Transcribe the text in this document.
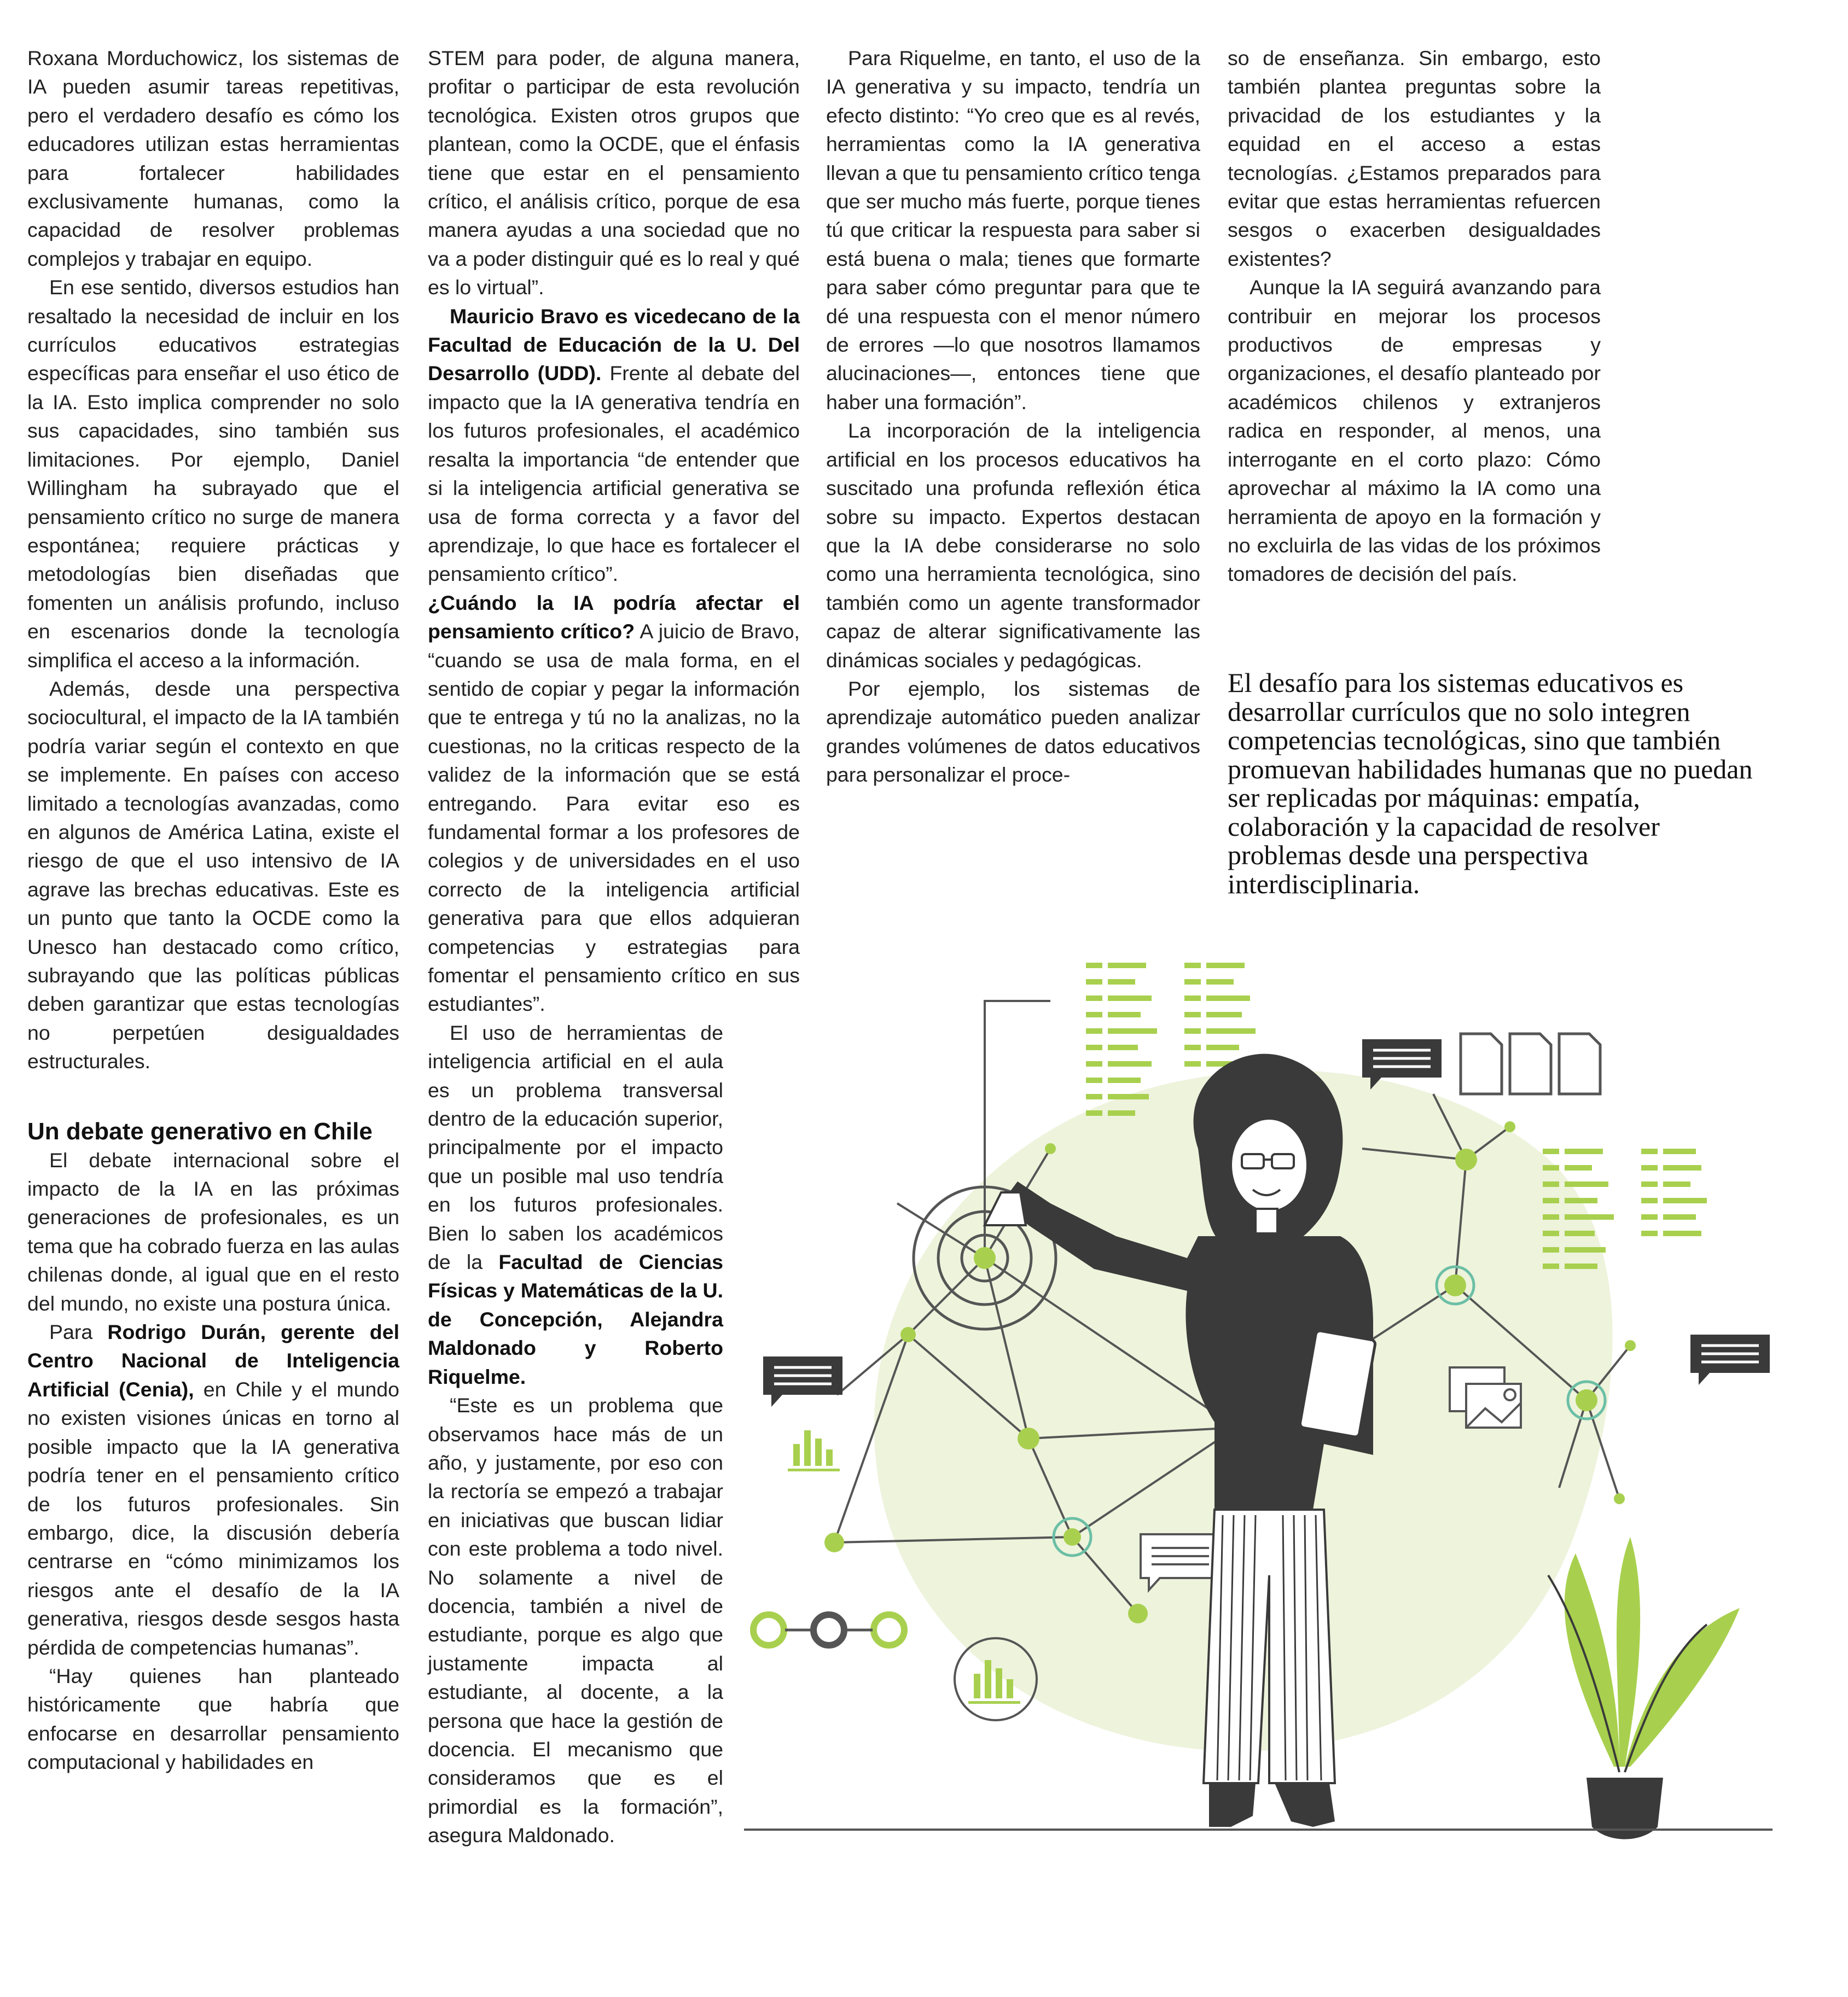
Roxana Morduchowicz, los sistemas de IA pueden asumir tareas repetitivas, pero el verdadero desafío es cómo los educadores utilizan estas herramientas para fortalecer habilidades exclusivamente humanas, como la capacidad de resolver problemas complejos y trabajar en equipo.

En ese sentido, diversos estudios han resaltado la necesidad de incluir en los currículos educativos estrategias específicas para enseñar el uso ético de la IA. Esto implica comprender no solo sus capacidades, sino también sus limitaciones. Por ejemplo, Daniel Willingham ha subrayado que el pensamiento crítico no surge de manera espontánea; requiere prácticas y metodologías bien diseñadas que fomenten un análisis profundo, incluso en escenarios donde la tecnología simplifica el acceso a la información.

Además, desde una perspectiva sociocultural, el impacto de la IA también podría variar según el contexto en que se implemente. En países con acceso limitado a tecnologías avanzadas, como en algunos de América Latina, existe el riesgo de que el uso intensivo de IA agrave las brechas educativas. Este es un punto que tanto la OCDE como la Unesco han destacado como crítico, subrayando que las políticas públicas deben garantizar que estas tecnologías no perpetúen desigualdades estructurales.

Un debate generativo en Chile

El debate internacional sobre el impacto de la IA en las próximas generaciones de profesionales, es un tema que ha cobrado fuerza en las aulas chilenas donde, al igual que en el resto del mundo, no existe una postura única.

Para Rodrigo Durán, gerente del Centro Nacional de Inteligencia Artificial (Cenia), en Chile y el mundo no existen visiones únicas en torno al posible impacto que la IA generativa podría tener en el pensamiento crítico de los futuros profesionales. Sin embargo, dice, la discusión debería centrarse en “cómo minimizamos los riesgos ante el desafío de la IA generativa, riesgos desde sesgos hasta pérdida de competencias humanas”.

“Hay quienes han planteado históricamente que habría que enfocarse en desarrollar pensamiento computacional y habilidades en

STEM para poder, de alguna manera, profitar o participar de esta revolución tecnológica. Existen otros grupos que plantean, como la OCDE, que el énfasis tiene que estar en el pensamiento crítico, el análisis crítico, porque de esa manera ayudas a una sociedad que no va a poder distinguir qué es lo real y qué es lo virtual”.

Mauricio Bravo es vicedecano de la Facultad de Educación de la U. Del Desarrollo (UDD). Frente al debate del impacto que la IA generativa tendría en los futuros profesionales, el académico resalta la importancia “de entender que si la inteligencia artificial generativa se usa de forma correcta y a favor del aprendizaje, lo que hace es fortalecer el pensamiento crítico”.

¿Cuándo la IA podría afectar el pensamiento crítico? A juicio de Bravo, “cuando se usa de mala forma, en el sentido de copiar y pegar la información que te entrega y tú no la analizas, no la cuestionas, no la criticas respecto de la validez de la información que se está entregando. Para evitar eso es fundamental formar a los profesores de colegios y de universidades en el uso correcto de la inteligencia artificial generativa para que ellos adquieran competencias y estrategias para fomentar el pensamiento crítico en sus estudiantes”.

El uso de herramientas de inteligencia artificial en el aula es un problema transversal dentro de la educación superior, principalmente por el impacto que un posible mal uso tendría en los futuros profesionales. Bien lo saben los académicos de la Facultad de Ciencias Físicas y Matemáticas de la U. de Concepción, Alejandra Maldonado y Roberto Riquelme.

“Este es un problema que observamos hace más de un año, y justamente, por eso con la rectoría se empezó a trabajar en iniciativas que buscan lidiar con este problema a todo nivel. No solamente a nivel de docencia, también a nivel de estudiante, porque es algo que justamente impacta al estudiante, al docente, a la persona que hace la gestión de docencia. El mecanismo que consideramos que es el primordial es la formación”, asegura Maldonado.

Para Riquelme, en tanto, el uso de la IA generativa y su impacto, tendría un efecto distinto: “Yo creo que es al revés, herramientas como la IA generativa llevan a que tu pensamiento crítico tenga que ser mucho más fuerte, porque tienes tú que criticar la respuesta para saber si está buena o mala; tienes que formarte para saber cómo preguntar para que te dé una respuesta con el menor número de errores —lo que nosotros llamamos alucinaciones—, entonces tiene que haber una formación”.

La incorporación de la inteligencia artificial en los procesos educativos ha suscitado una profunda reflexión ética sobre su impacto. Expertos destacan que la IA debe considerarse no solo como una herramienta tecnológica, sino también como un agente transformador capaz de alterar significativamente las dinámicas sociales y pedagógicas.

Por ejemplo, los sistemas de aprendizaje automático pueden analizar grandes volúmenes de datos educativos para personalizar el proce-

so de enseñanza. Sin embargo, esto también plantea preguntas sobre la privacidad de los estudiantes y la equidad en el acceso a estas tecnologías. ¿Estamos preparados para evitar que estas herramientas refuercen sesgos o exacerben desigualdades existentes?

Aunque la IA seguirá avanzando para contribuir en mejorar los procesos productivos de empresas y organizaciones, el desafío planteado por académicos chilenos y extranjeros radica en responder, al menos, una interrogante en el corto plazo: Cómo aprovechar al máximo la IA como una herramienta de apoyo en la formación y no excluirla de las vidas de los próximos tomadores de decisión del país.

El desafío para los sistemas educativos es desarrollar currículos que no solo integren competencias tecnológicas, sino que también promuevan habilidades humanas que no puedan ser replicadas por máquinas: empatía, colaboración y la capacidad de resolver problemas desde una perspectiva interdisciplinaria.
